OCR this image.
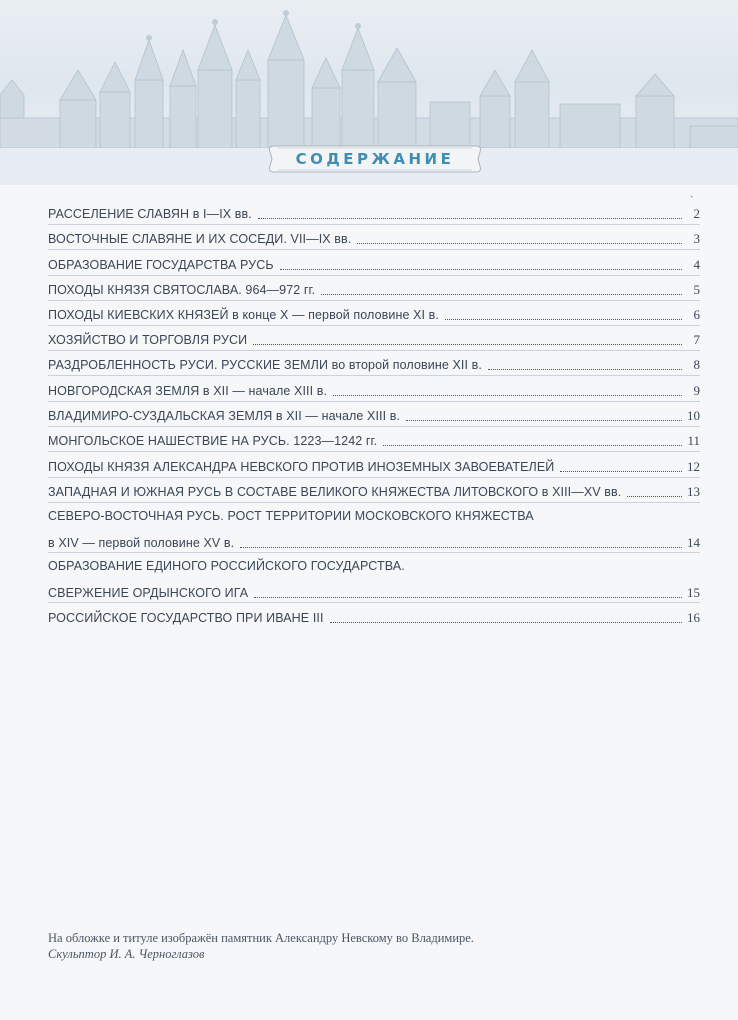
СОДЕРЖАНИЕ
ˎ
РАССЕЛЕНИЕ СЛАВЯН в I—IX вв.	2
ВОСТОЧНЫЕ СЛАВЯНЕ И ИХ СОСЕДИ. VII—IX вв.	3
ОБРАЗОВАНИЕ ГОСУДАРСТВА РУСЬ	4
ПОХОДЫ КНЯЗЯ СВЯТОСЛАВА. 964—972 гг.	5
ПОХОДЫ КИЕВСКИХ КНЯЗЕЙ в конце X — первой половине XI в.	6
ХОЗЯЙСТВО И ТОРГОВЛЯ РУСИ	7
РАЗДРОБЛЕННОСТЬ РУСИ. РУССКИЕ ЗЕМЛИ во второй половине XII в.	8
НОВГОРОДСКАЯ ЗЕМЛЯ в XII — начале XIII в.	9
ВЛАДИМИРО-СУЗДАЛЬСКАЯ ЗЕМЛЯ в XII — начале XIII в.	10
МОНГОЛЬСКОЕ НАШЕСТВИЕ НА РУСЬ. 1223—1242 гг.	11
ПОХОДЫ КНЯЗЯ АЛЕКСАНДРА НЕВСКОГО ПРОТИВ ИНОЗЕМНЫХ ЗАВОЕВАТЕЛЕЙ	12
ЗАПАДНАЯ И ЮЖНАЯ РУСЬ В СОСТАВЕ ВЕЛИКОГО КНЯЖЕСТВА ЛИТОВСКОГО в XIII—XV вв.	13
СЕВЕРО-ВОСТОЧНАЯ РУСЬ. РОСТ ТЕРРИТОРИИ МОСКОВСКОГО КНЯЖЕСТВА
в XIV — первой половине XV в.	14
ОБРАЗОВАНИЕ ЕДИНОГО РОССИЙСКОГО ГОСУДАРСТВА.
СВЕРЖЕНИЕ ОРДЫНСКОГО ИГА	15
РОССИЙСКОЕ ГОСУДАРСТВО ПРИ ИВАНЕ III	16
На обложке и титуле изображён памятник Александру Невскому во Владимире.
Скульптор И. А. Черноглазов
